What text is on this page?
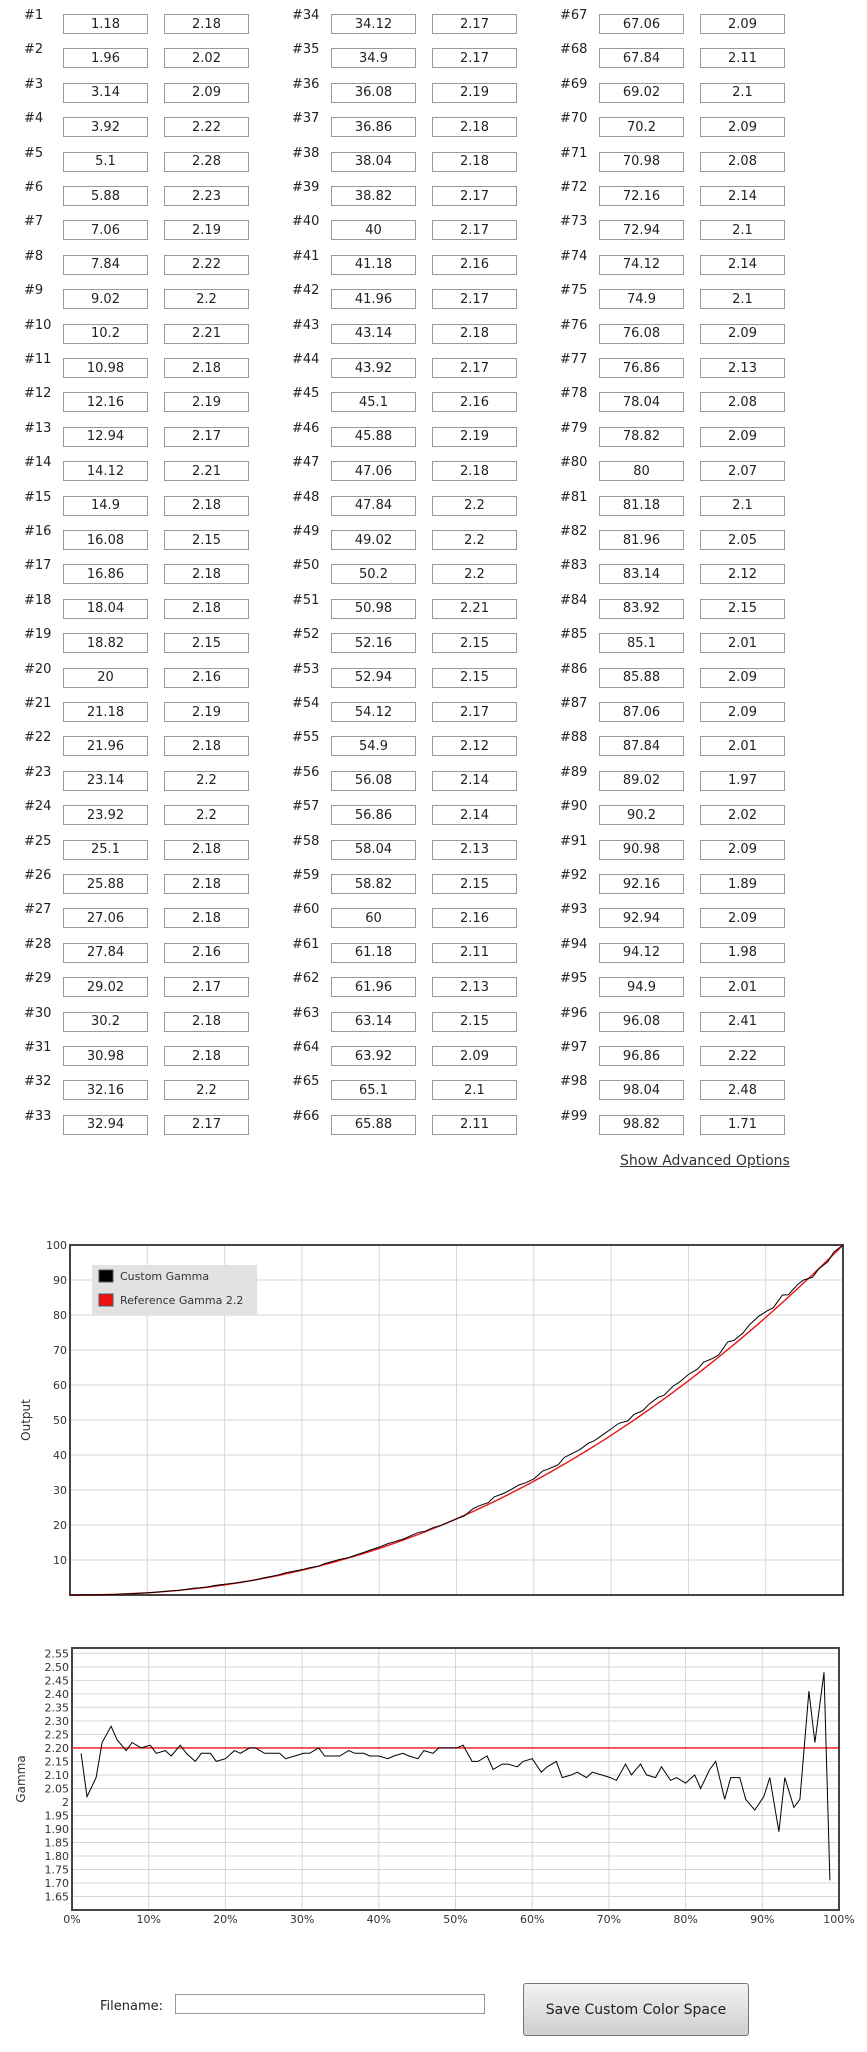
#1
1.18
2.18
#2
1.96
2.02
#3
3.14
2.09
#4
3.92
2.22
#5
5.1
2.28
#6
5.88
2.23
#7
7.06
2.19
#8
7.84
2.22
#9
9.02
2.2
#10
10.2
2.21
#11
10.98
2.18
#12
12.16
2.19
#13
12.94
2.17
#14
14.12
2.21
#15
14.9
2.18
#16
16.08
2.15
#17
16.86
2.18
#18
18.04
2.18
#19
18.82
2.15
#20
20
2.16
#21
21.18
2.19
#22
21.96
2.18
#23
23.14
2.2
#24
23.92
2.2
#25
25.1
2.18
#26
25.88
2.18
#27
27.06
2.18
#28
27.84
2.16
#29
29.02
2.17
#30
30.2
2.18
#31
30.98
2.18
#32
32.16
2.2
#33
32.94
2.17
#34
34.12
2.17
#35
34.9
2.17
#36
36.08
2.19
#37
36.86
2.18
#38
38.04
2.18
#39
38.82
2.17
#40
40
2.17
#41
41.18
2.16
#42
41.96
2.17
#43
43.14
2.18
#44
43.92
2.17
#45
45.1
2.16
#46
45.88
2.19
#47
47.06
2.18
#48
47.84
2.2
#49
49.02
2.2
#50
50.2
2.2
#51
50.98
2.21
#52
52.16
2.15
#53
52.94
2.15
#54
54.12
2.17
#55
54.9
2.12
#56
56.08
2.14
#57
56.86
2.14
#58
58.04
2.13
#59
58.82
2.15
#60
60
2.16
#61
61.18
2.11
#62
61.96
2.13
#63
63.14
2.15
#64
63.92
2.09
#65
65.1
2.1
#66
65.88
2.11
#67
67.06
2.09
#68
67.84
2.11
#69
69.02
2.1
#70
70.2
2.09
#71
70.98
2.08
#72
72.16
2.14
#73
72.94
2.1
#74
74.12
2.14
#75
74.9
2.1
#76
76.08
2.09
#77
76.86
2.13
#78
78.04
2.08
#79
78.82
2.09
#80
80
2.07
#81
81.18
2.1
#82
81.96
2.05
#83
83.14
2.12
#84
83.92
2.15
#85
85.1
2.01
#86
85.88
2.09
#87
87.06
2.09
#88
87.84
2.01
#89
89.02
1.97
#90
90.2
2.02
#91
90.98
2.09
#92
92.16
1.89
#93
92.94
2.09
#94
94.12
1.98
#95
94.9
2.01
#96
96.08
2.41
#97
96.86
2.22
#98
98.04
2.48
#99
98.82
1.71
Show Advanced Options
10
20
30
40
50
60
70
80
90
100
Output
Custom Gamma
Reference Gamma 2.2
2.55
2.50
2.45
2.40
2.35
2.30
2.25
2.20
2.15
2.10
2.05
2
1.95
1.90
1.85
1.80
1.75
1.70
1.65
0%	10%	20%	30%	40%	50%	60%	70%	80%	90%	100%
Gamma
Filename:	Save Custom Color Space
